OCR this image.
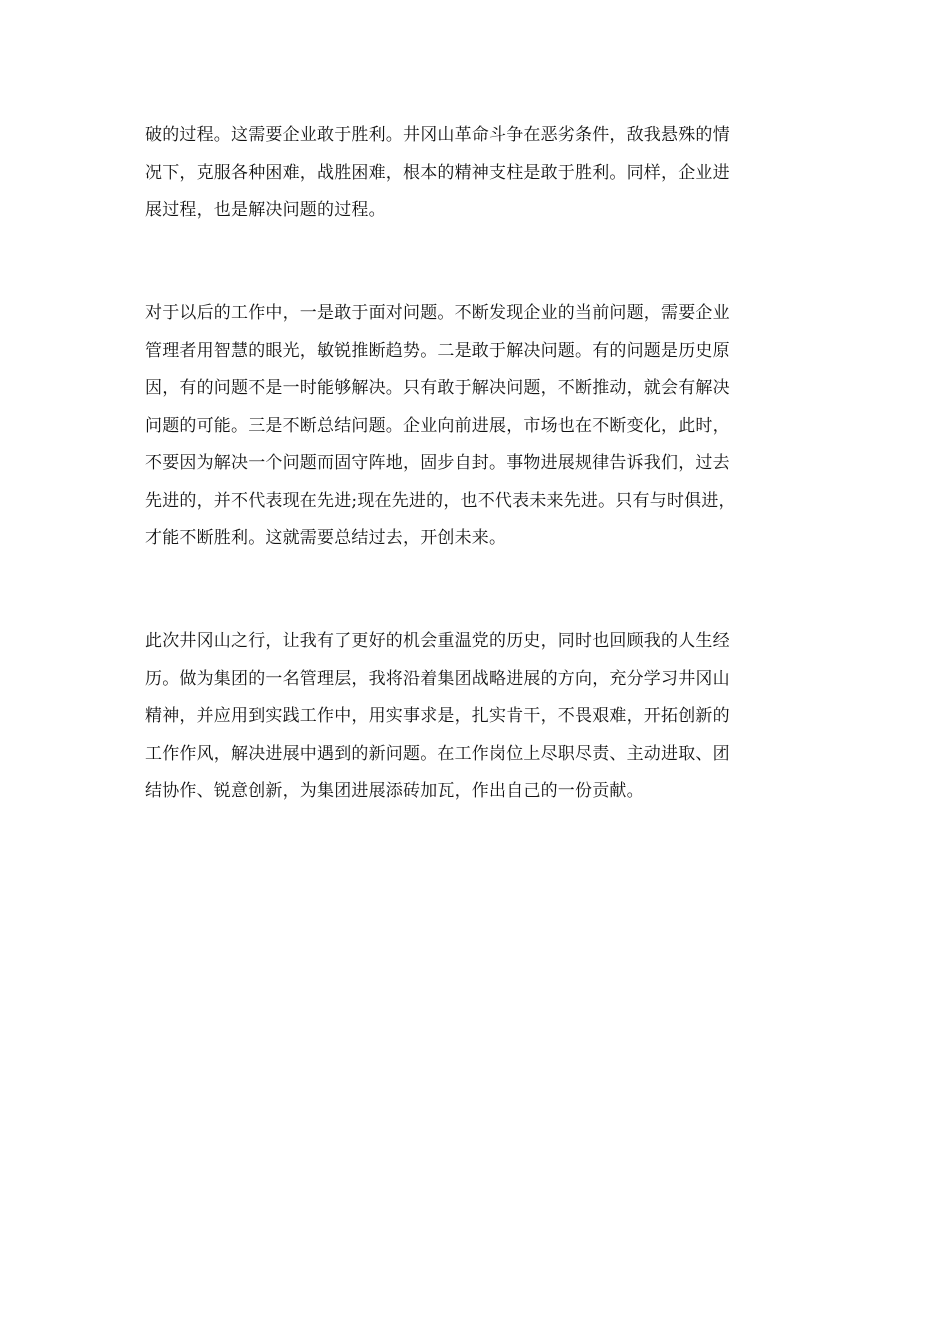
破的过程。这需要企业敢于胜利。井冈山革命斗争在恶劣条件，敌我悬殊的情
况下，克服各种困难，战胜困难，根本的精神支柱是敢于胜利。同样，企业进
展过程，也是解决问题的过程。

对于以后的工作中，一是敢于面对问题。不断发现企业的当前问题，需要企业
管理者用智慧的眼光，敏锐推断趋势。二是敢于解决问题。有的问题是历史原
因，有的问题不是一时能够解决。只有敢于解决问题，不断推动，就会有解决
问题的可能。三是不断总结问题。企业向前进展，市场也在不断变化，此时，
不要因为解决一个问题而固守阵地，固步自封。事物进展规律告诉我们，过去
先进的，并不代表现在先进;现在先进的，也不代表未来先进。只有与时俱进，
才能不断胜利。这就需要总结过去，开创未来。

此次井冈山之行，让我有了更好的机会重温党的历史，同时也回顾我的人生经
历。做为集团的一名管理层，我将沿着集团战略进展的方向，充分学习井冈山
精神，并应用到实践工作中，用实事求是，扎实肯干，不畏艰难，开拓创新的
工作作风，解决进展中遇到的新问题。在工作岗位上尽职尽责、主动进取、团
结协作、锐意创新，为集团进展添砖加瓦，作出自己的一份贡献。
